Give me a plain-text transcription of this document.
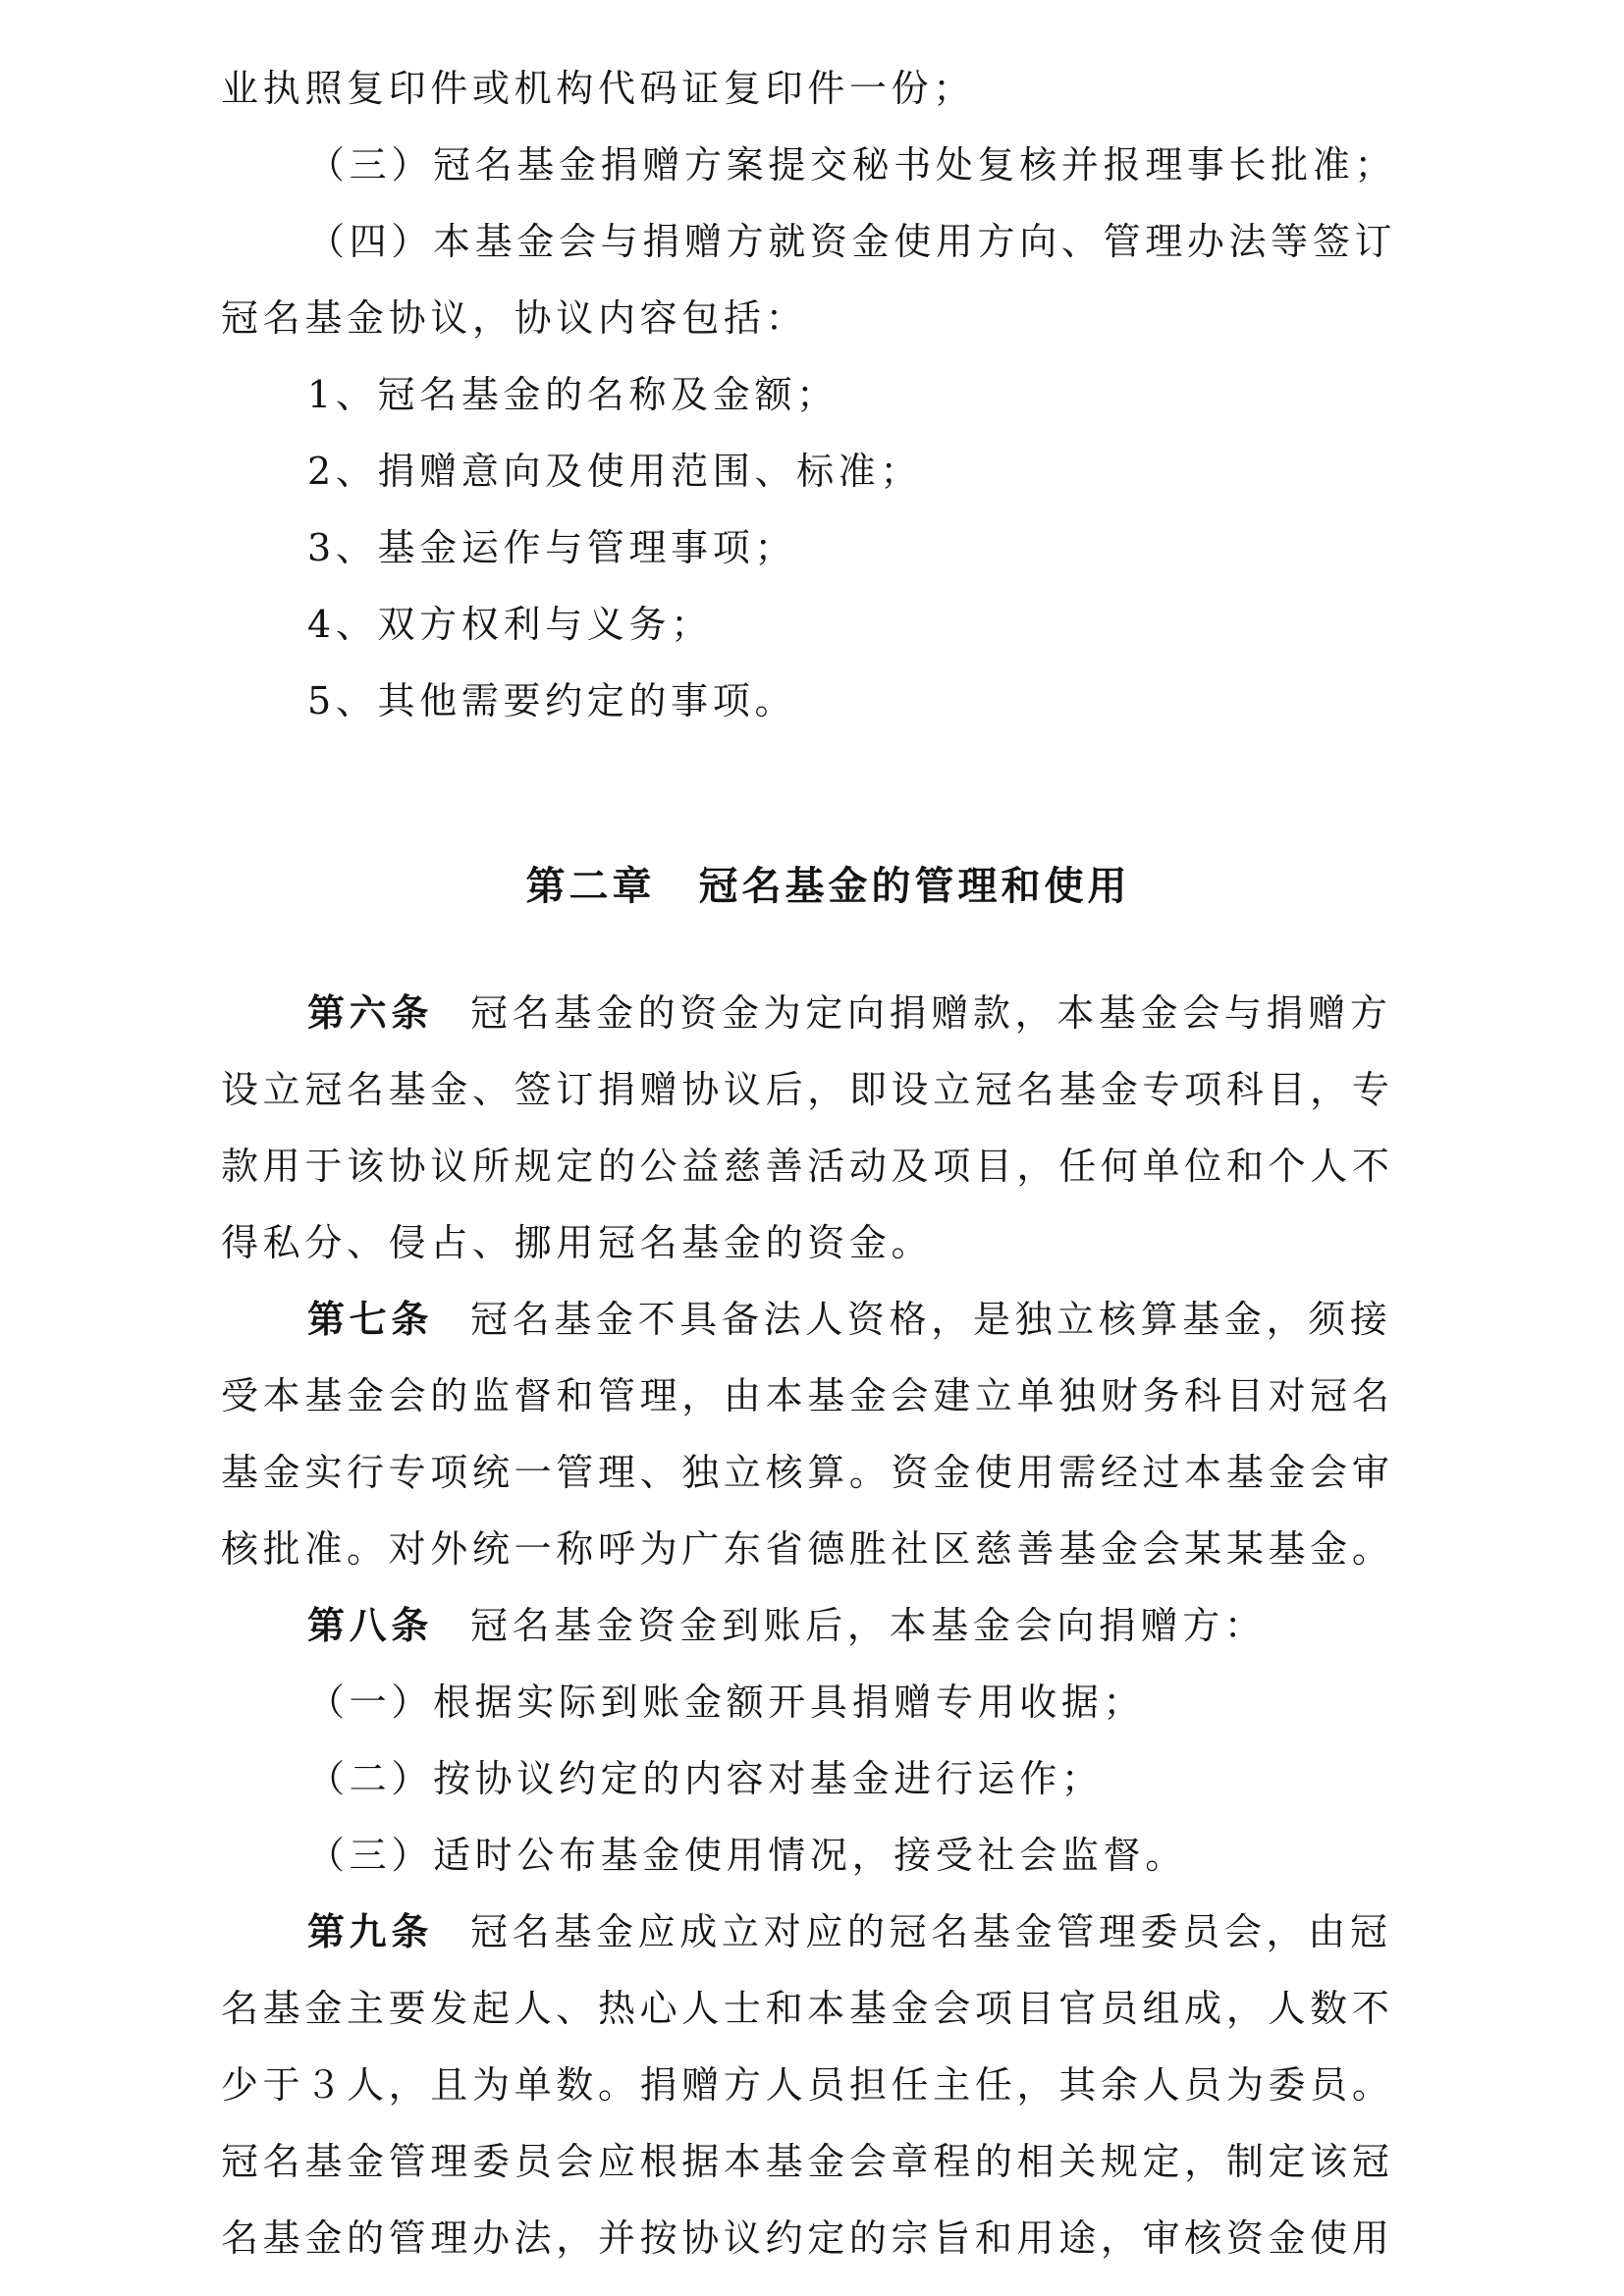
业执照复印件或机构代码证复印件一份；
（三）冠名基金捐赠方案提交秘书处复核并报理事长批准；
（四）本基金会与捐赠方就资金使用方向、管理办法等签订
冠名基金协议，协议内容包括：
1、冠名基金的名称及金额；
2、捐赠意向及使用范围、标准；
3、基金运作与管理事项；
4、双方权利与义务；
5、其他需要约定的事项。
第二章　冠名基金的管理和使用
第六条 冠名基金的资金为定向捐赠款，本基金会与捐赠方
设立冠名基金、签订捐赠协议后，即设立冠名基金专项科目，专
款用于该协议所规定的公益慈善活动及项目，任何单位和个人不
得私分、侵占、挪用冠名基金的资金。
第七条 冠名基金不具备法人资格，是独立核算基金，须接
受本基金会的监督和管理，由本基金会建立单独财务科目对冠名
基金实行专项统一管理、独立核算。资金使用需经过本基金会审
核批准。对外统一称呼为广东省德胜社区慈善基金会某某基金。
第八条 冠名基金资金到账后，本基金会向捐赠方：
（一）根据实际到账金额开具捐赠专用收据；
（二）按协议约定的内容对基金进行运作；
（三）适时公布基金使用情况，接受社会监督。
第九条 冠名基金应成立对应的冠名基金管理委员会，由冠
名基金主要发起人、热心人士和本基金会项目官员组成，人数不
少于３人，且为单数。捐赠方人员担任主任，其余人员为委员。
冠名基金管理委员会应根据本基金会章程的相关规定，制定该冠
名基金的管理办法，并按协议约定的宗旨和用途，审核资金使用
